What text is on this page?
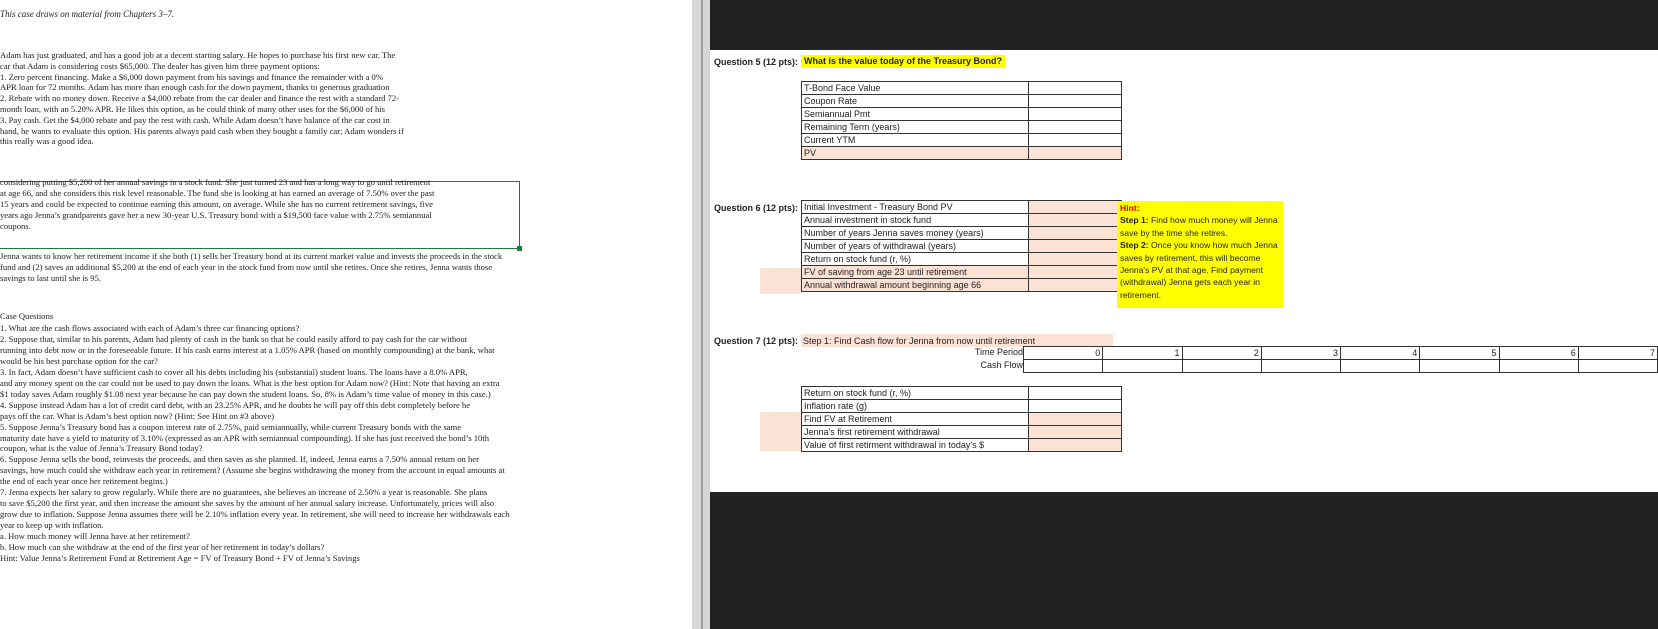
This case draws on material from Chapters 3–7.
Adam has just graduated, and has a good job at a decent starting salary. He hopes to purchase his first new car. The
car that Adam is considering costs $65,000. The dealer has given him three payment options:
1. Zero percent financing. Make a $6,000 down payment from his savings and finance the remainder with a 0%
APR loan for 72 months. Adam has more than enough cash for the down payment, thanks to generous graduation
2. Rebate with no money down. Receive a $4,000 rebate from the car dealer and finance the rest with a standard 72-
month loan, with an 5.20% APR. He likes this option, as he could think of many other uses for the $6,000 of his
3. Pay cash. Get the $4,000 rebate and pay the rest with cash. While Adam doesn’t have balance of the car cost in
hand, he wants to evaluate this option. His parents always paid cash when they bought a family car; Adam wonders if
this really was a good idea.
considering putting $5,200 of her annual savings in a stock fund. She just turned 23 and has a long way to go until retirement
at age 66, and she considers this risk level reasonable. The fund she is looking at has earned an average of 7.50% over the past
15 years and could be expected to continue earning this amount, on average. While she has no current retirement savings, five
years ago Jenna’s grandparents gave her a new 30-year U.S. Treasury bond with a $19,500 face value with 2.75% semiannual
coupons.
Jenna wants to know her retirement income if she both (1) sells her Treasury bond at its current market value and invests the proceeds in the stock
fund and (2) saves an additional $5,200 at the end of each year in the stock fund from now until she retires. Once she retires, Jenna wants those
savings to last until she is 95.
Case Questions
1. What are the cash flows associated with each of Adam’s three car financing options?
2. Suppose that, similar to his parents, Adam had plenty of cash in the bank so that he could easily afford to pay cash for the car without
running into debt now or in the foreseeable future. If his cash earns interest at a 1.05% APR (based on monthly compounding) at the bank, what
would be his best purchase option for the car?
3. In fact, Adam doesn’t have sufficient cash to cover all his debts including his (substantial) student loans. The loans have a 8.0% APR,
and any money spent on the car could not be used to pay down the loans. What is the best option for Adam now? (Hint: Note that having an extra
$1 today saves Adam roughly $1.08 next year because he can pay down the student loans. So, 8% is Adam’s time value of money in this case.)
4. Suppose instead Adam has a lot of credit card debt, with an 23.25% APR, and he doubts he will pay off this debt completely before he
pays off the car. What is Adam’s best option now? (Hint: See Hint on #3 above)
5. Suppose Jenna’s Treasury bond has a coupon interest rate of 2.75%, paid semiannually, while current Treasury bonds with the same
maturity date have a yield to maturity of 3.10% (expressed as an APR with semiannual compounding). If she has just received the bond’s 10th
coupon, what is the value of Jenna’s Treasury Bond today?
6. Suppose Jenna sells the bond, reinvests the proceeds, and then saves as she planned. If, indeed, Jenna earns a 7.50% annual return on her
savings, how much could she withdraw each year in retirement? (Assume she begins withdrawing the money from the account in equal amounts at
the end of each year once her retirement begins.)
7. Jenna expects her salary to grow regularly. While there are no guarantees, she believes an increase of 2.50% a year is reasonable. She plans
to save $5,200 the first year, and then increase the amount she saves by the amount of her annual salary increase. Unfortunately, prices will also
grow due to inflation. Suppose Jenna assumes there will be 2.10% inflation every year. In retirement, she will need to increase her withdrawals each
year to keep up with inflation.
a. How much money will Jenna have at her retirement?
b. How much can she withdraw at the end of the first year of her retirement in today’s dollars?
Hint: Value Jenna’s Retirement Fund at Retirement Age = FV of Treasury Bond + FV of Jenna’s Savings
Question 5 (12 pts): What is the value today of the Treasury Bond?
T-Bond Face Value	
Coupon Rate	
Semiannual Pmt	
Remaining Term (years)	
Current YTM	
PV	
Question 6 (12 pts): Initial Investment - Treasury Bond PV	
Annual investment in stock fund	
Number of years Jenna saves money (years)	
Number of years of withdrawal (years)	
Return on stock fund (r, %)	
FV of saving from age 23 until retirement	
Annual withdrawal amount beginning age 66	
Question 7 (12 pts): Step 1: Find Cash flow for Jenna from now until retirement
Time Period
Cash Flow
0	1	2	3	4	5	6	7

Return on stock fund (r, %)	
Inflation rate (g)	
Find FV at Retirement	
Jenna's first retirement withdrawal	
Value of first retirment withdrawal in today's $	
Hint:
Step 1: Find how much money will Jenna save by the time she retires.
Step 2: Once you know how much Jenna saves by retirement, this will become Jenna's PV at that age. Find payment (withdrawal) Jenna gets each year in retirement.
